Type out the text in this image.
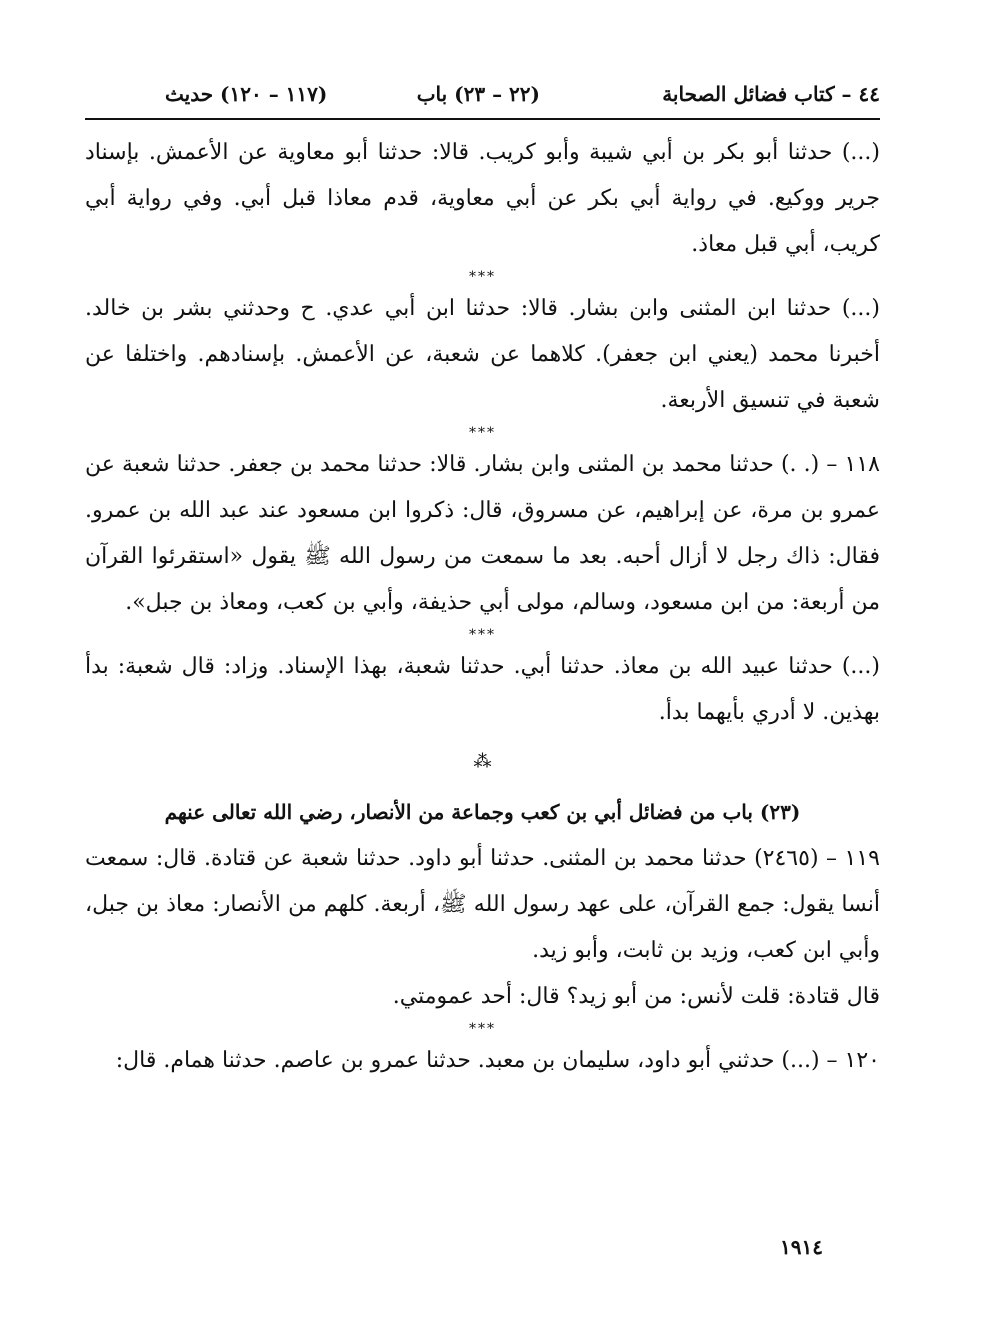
٤٤ – كتاب فضائل الصحابة
(٢٢ – ٢٣) باب
(١١٧ – ١٢٠) حديث

(...) حدثنا أبو بكر بن أبي شيبة وأبو كريب. قالا: حدثنا أبو معاوية عن الأعمش. بإسناد جرير ووكيع. في رواية أبي بكر عن أبي معاوية، قدم معاذا قبل أبي. وفي رواية أبي كريب، أبي قبل معاذ.

***

(...) حدثنا ابن المثنى وابن بشار. قالا: حدثنا ابن أبي عدي. ح وحدثني بشر بن خالد. أخبرنا محمد (يعني ابن جعفر). كلاهما عن شعبة، عن الأعمش. بإسنادهم. واختلفا عن شعبة في تنسيق الأربعة.

***

١١٨ – (. .) حدثنا محمد بن المثنى وابن بشار. قالا: حدثنا محمد بن جعفر. حدثنا شعبة عن عمرو بن مرة، عن إبراهيم، عن مسروق، قال: ذكروا ابن مسعود عند عبد الله بن عمرو. فقال: ذاك رجل لا أزال أحبه. بعد ما سمعت من رسول الله ﷺ يقول «استقرئوا القرآن من أربعة: من ابن مسعود، وسالم، مولى أبي حذيفة، وأبي بن كعب، ومعاذ بن جبل».

***

(...) حدثنا عبيد الله بن معاذ. حدثنا أبي. حدثنا شعبة، بهذا الإسناد. وزاد: قال شعبة: بدأ بهذين. لا أدري بأيهما بدأ.

⁂

(٢٣) باب من فضائل أبي بن كعب وجماعة من الأنصار، رضي الله تعالى عنهم

١١٩ – (٢٤٦٥) حدثنا محمد بن المثنى. حدثنا أبو داود. حدثنا شعبة عن قتادة. قال: سمعت أنسا يقول: جمع القرآن، على عهد رسول الله ﷺ، أربعة. كلهم من الأنصار: معاذ بن جبل، وأبي ابن كعب، وزيد بن ثابت، وأبو زيد.

قال قتادة: قلت لأنس: من أبو زيد؟ قال: أحد عمومتي.

***

١٢٠ – (...) حدثني أبو داود، سليمان بن معبد. حدثنا عمرو بن عاصم. حدثنا همام. قال:

١٩١٤
